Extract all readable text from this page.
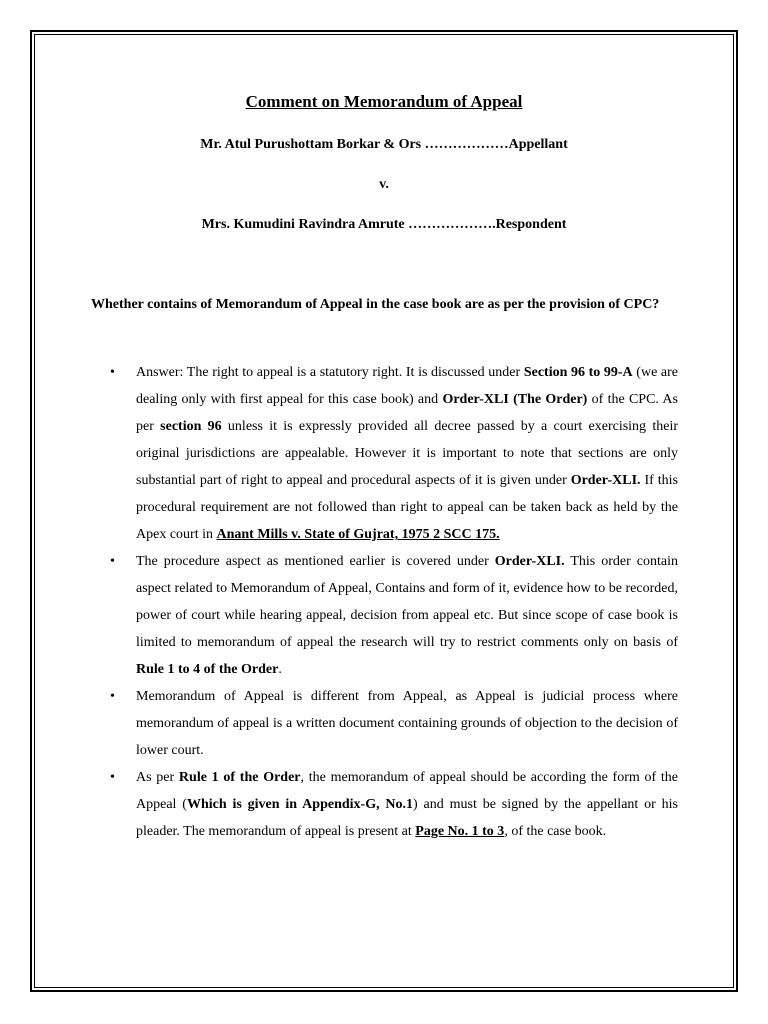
Comment on Memorandum of Appeal
Mr. Atul Purushottam Borkar & Ors ………………Appellant
v.
Mrs. Kumudini Ravindra Amrute ……………….Respondent
Whether contains of Memorandum of Appeal in the case book are as per the provision of CPC?
• Answer: The right to appeal is a statutory right. It is discussed under Section 96 to 99-A (we are dealing only with first appeal for this case book) and Order-XLI (The Order) of the CPC. As per section 96 unless it is expressly provided all decree passed by a court exercising their original jurisdictions are appealable. However it is important to note that sections are only substantial part of right to appeal and procedural aspects of it is given under Order-XLI. If this procedural requirement are not followed than right to appeal can be taken back as held by the Apex court in Anant Mills v. State of Gujrat, 1975 2 SCC 175.
• The procedure aspect as mentioned earlier is covered under Order-XLI. This order contain aspect related to Memorandum of Appeal, Contains and form of it, evidence how to be recorded, power of court while hearing appeal, decision from appeal etc. But since scope of case book is limited to memorandum of appeal the research will try to restrict comments only on basis of Rule 1 to 4 of the Order.
• Memorandum of Appeal is different from Appeal, as Appeal is judicial process where memorandum of appeal is a written document containing grounds of objection to the decision of lower court.
• As per Rule 1 of the Order, the memorandum of appeal should be according the form of the Appeal (Which is given in Appendix-G, No.1) and must be signed by the appellant or his pleader. The memorandum of appeal is present at Page No. 1 to 3, of the case book.
